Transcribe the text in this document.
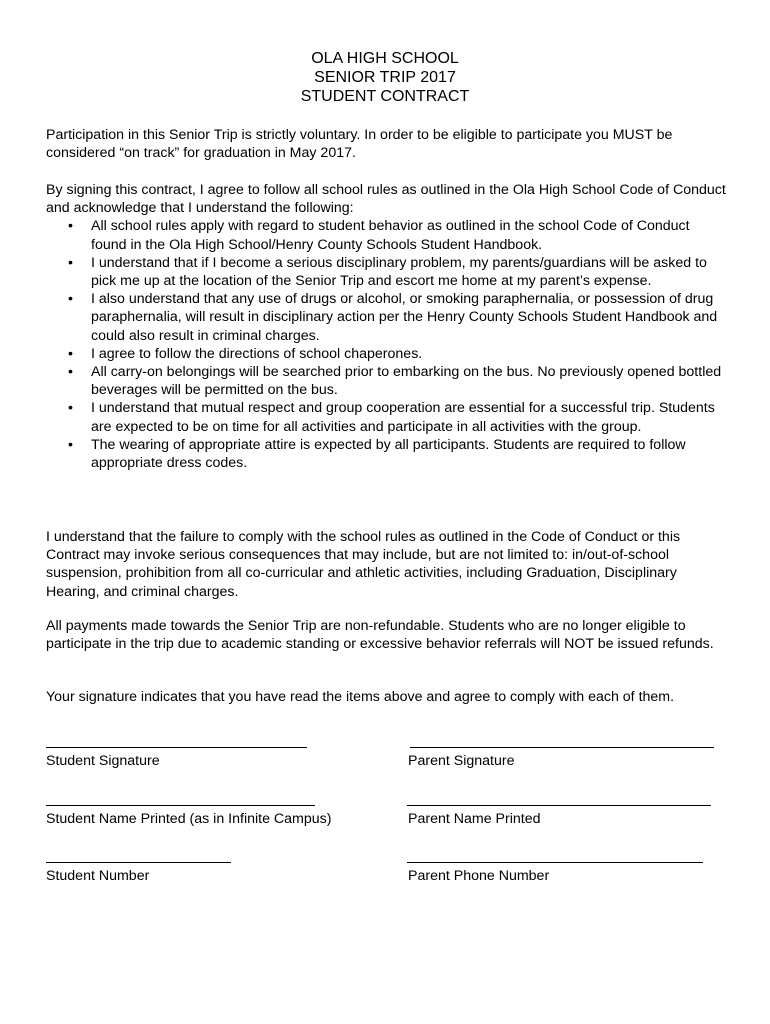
OLA HIGH SCHOOL
SENIOR TRIP 2017
STUDENT CONTRACT
Participation in this Senior Trip is strictly voluntary. In order to be eligible to participate you MUST be considered “on track” for graduation in May 2017.
By signing this contract, I agree to follow all school rules as outlined in the Ola High School Code of Conduct and acknowledge that I understand the following:
• All school rules apply with regard to student behavior as outlined in the school Code of Conduct found in the Ola High School/Henry County Schools Student Handbook.
• I understand that if I become a serious disciplinary problem, my parents/guardians will be asked to pick me up at the location of the Senior Trip and escort me home at my parent’s expense.
• I also understand that any use of drugs or alcohol, or smoking paraphernalia, or possession of drug paraphernalia, will result in disciplinary action per the Henry County Schools Student Handbook and could also result in criminal charges.
• I agree to follow the directions of school chaperones.
• All carry-on belongings will be searched prior to embarking on the bus. No previously opened bottled beverages will be permitted on the bus.
• I understand that mutual respect and group cooperation are essential for a successful trip. Students are expected to be on time for all activities and participate in all activities with the group.
• The wearing of appropriate attire is expected by all participants. Students are required to follow appropriate dress codes.
I understand that the failure to comply with the school rules as outlined in the Code of Conduct or this Contract may invoke serious consequences that may include, but are not limited to: in/out-of-school suspension, prohibition from all co-curricular and athletic activities, including Graduation, Disciplinary Hearing, and criminal charges.
All payments made towards the Senior Trip are non-refundable. Students who are no longer eligible to participate in the trip due to academic standing or excessive behavior referrals will NOT be issued refunds.
Your signature indicates that you have read the items above and agree to comply with each of them.
Student Signature	Parent Signature
Student Name Printed (as in Infinite Campus)	Parent Name Printed
Student Number	Parent Phone Number
